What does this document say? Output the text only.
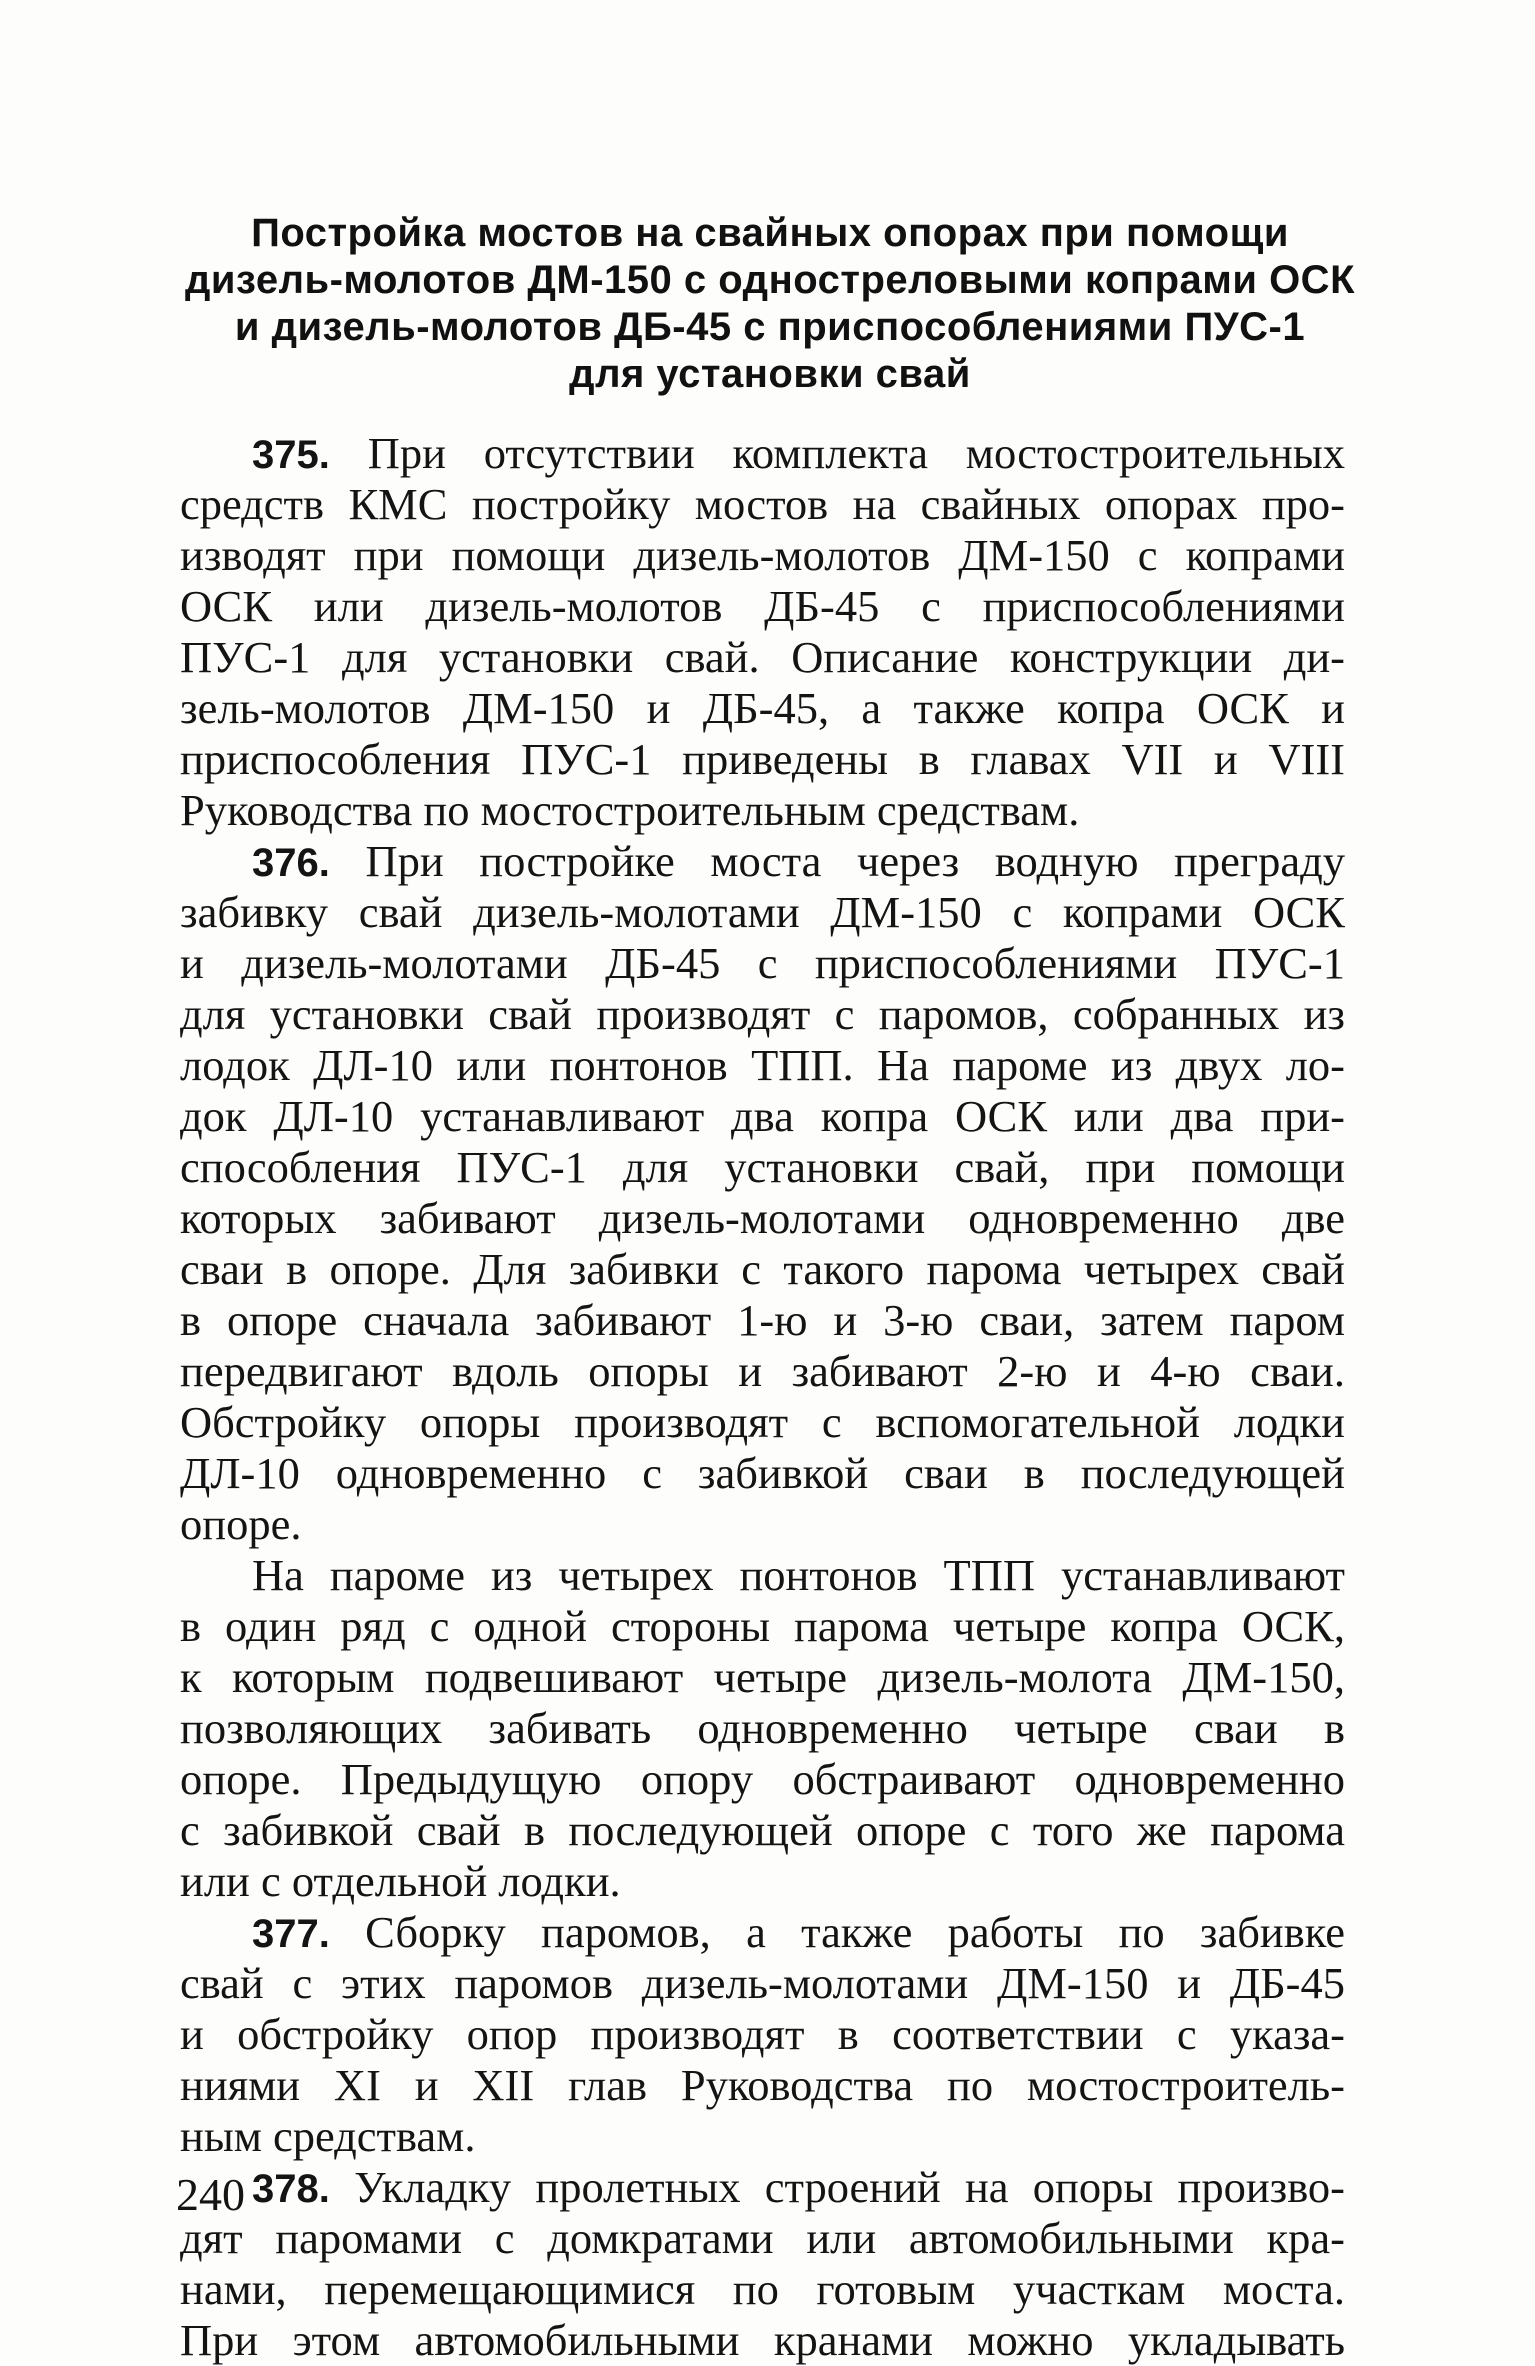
Постройка мостов на свайных опорах при помощи
дизель-молотов ДМ-150 с одностреловыми копрами ОСК
и дизель-молотов ДБ-45 с приспособлениями ПУС-1
для установки свай
375. При отсутствии комплекта мостостроительных
средств КМС постройку мостов на свайных опорах про-
изводят при помощи дизель-молотов ДМ-150 с копрами
ОСК или дизель-молотов ДБ-45 с приспособлениями
ПУС-1 для установки свай. Описание конструкции ди-
зель-молотов ДМ-150 и ДБ-45, а также копра ОСК и
приспособления ПУС-1 приведены в главах VII и VIII
Руководства по мостостроительным средствам.
376. При постройке моста через водную преграду
забивку свай дизель-молотами ДМ-150 с копрами ОСК
и дизель-молотами ДБ-45 с приспособлениями ПУС-1
для установки свай производят с паромов, собранных из
лодок ДЛ-10 или понтонов ТПП. На пароме из двух ло-
док ДЛ-10 устанавливают два копра ОСК или два при-
способления ПУС-1 для установки свай, при помощи
которых забивают дизель-молотами одновременно две
сваи в опоре. Для забивки с такого парома четырех свай
в опоре сначала забивают 1-ю и 3-ю сваи, затем паром
передвигают вдоль опоры и забивают 2-ю и 4-ю сваи.
Обстройку опоры производят с вспомогательной лодки
ДЛ-10 одновременно с забивкой сваи в последующей
опоре.
На пароме из четырех понтонов ТПП устанавливают
в один ряд с одной стороны парома четыре копра ОСК,
к которым подвешивают четыре дизель-молота ДМ-150,
позволяющих забивать одновременно четыре сваи в
опоре. Предыдущую опору обстраивают одновременно
с забивкой свай в последующей опоре с того же парома
или с отдельной лодки.
377. Сборку паромов, а также работы по забивке
свай с этих паромов дизель-молотами ДМ-150 и ДБ-45
и обстройку опор производят в соответствии с указа-
ниями XI и XII глав Руководства по мостостроитель-
ным средствам.
378. Укладку пролетных строений на опоры произво-
дят паромами с домкратами или автомобильными кра-
нами, перемещающимися по готовым участкам моста.
При этом автомобильными кранами можно укладывать
240
